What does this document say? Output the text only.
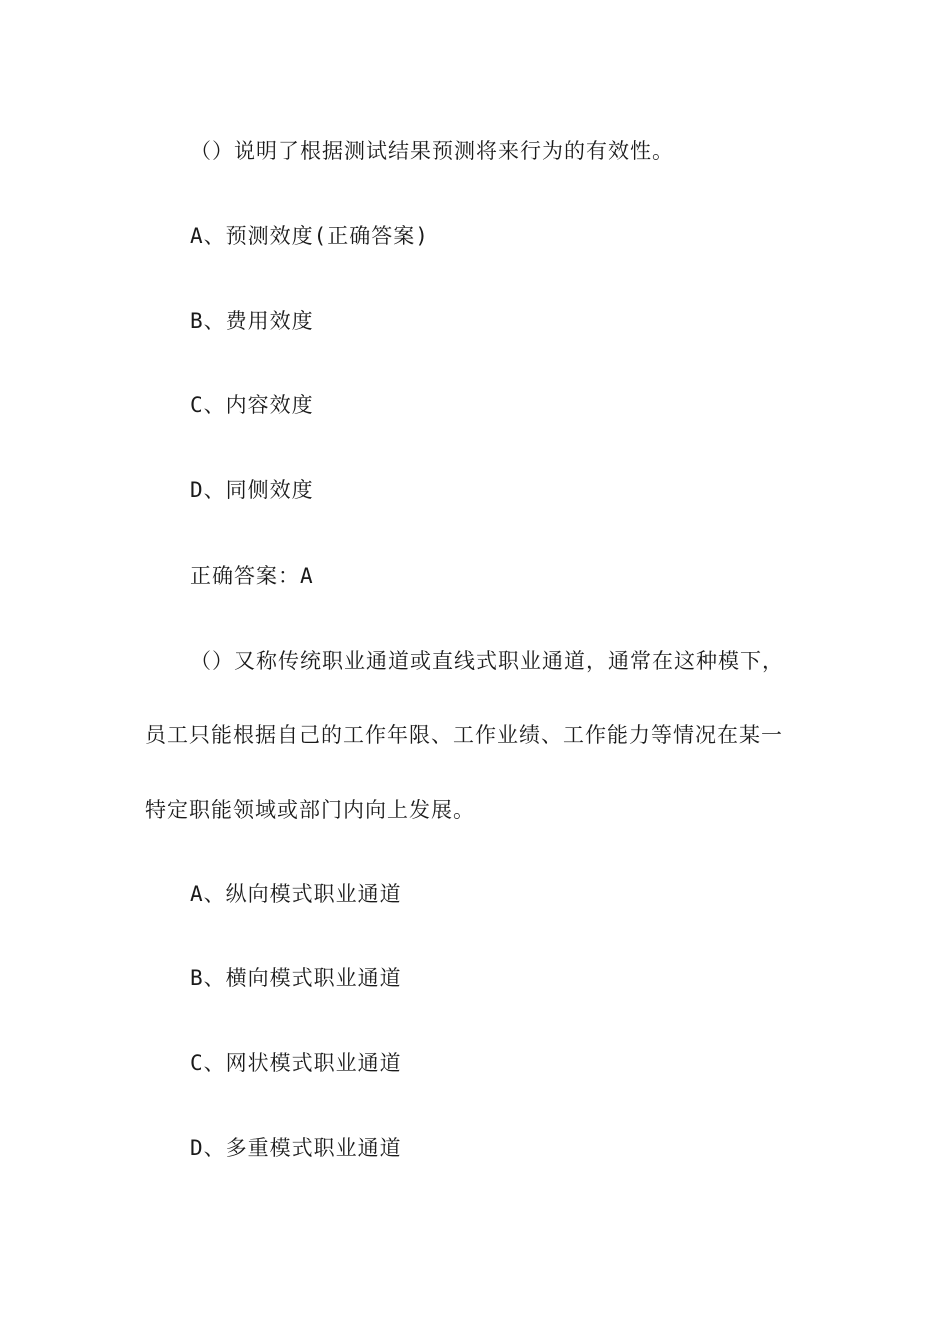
（）说明了根据测试结果预测将来行为的有效性。
A、预测效度(正确答案)
B、费用效度
C、内容效度
D、同侧效度
正确答案：A
（）又称传统职业通道或直线式职业通道，通常在这种模下，
员工只能根据自己的工作年限、工作业绩、工作能力等情况在某一
特定职能领域或部门内向上发展。
A、纵向模式职业通道
B、横向模式职业通道
C、网状模式职业通道
D、多重模式职业通道
